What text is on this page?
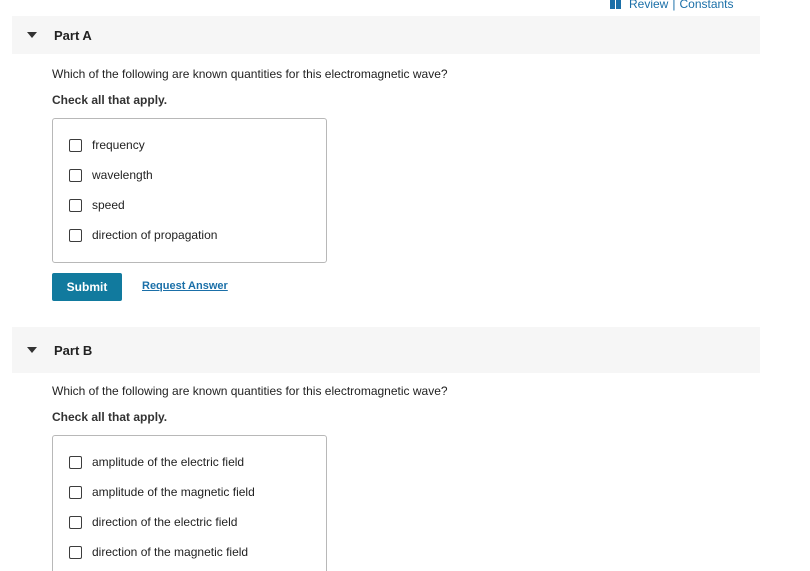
Review | Constants
Part A
Which of the following are known quantities for this electromagnetic wave?
Check all that apply.
frequency
wavelength
speed
direction of propagation
Submit	Request Answer
Part B
Which of the following are known quantities for this electromagnetic wave?
Check all that apply.
amplitude of the electric field
amplitude of the magnetic field
direction of the electric field
direction of the magnetic field
